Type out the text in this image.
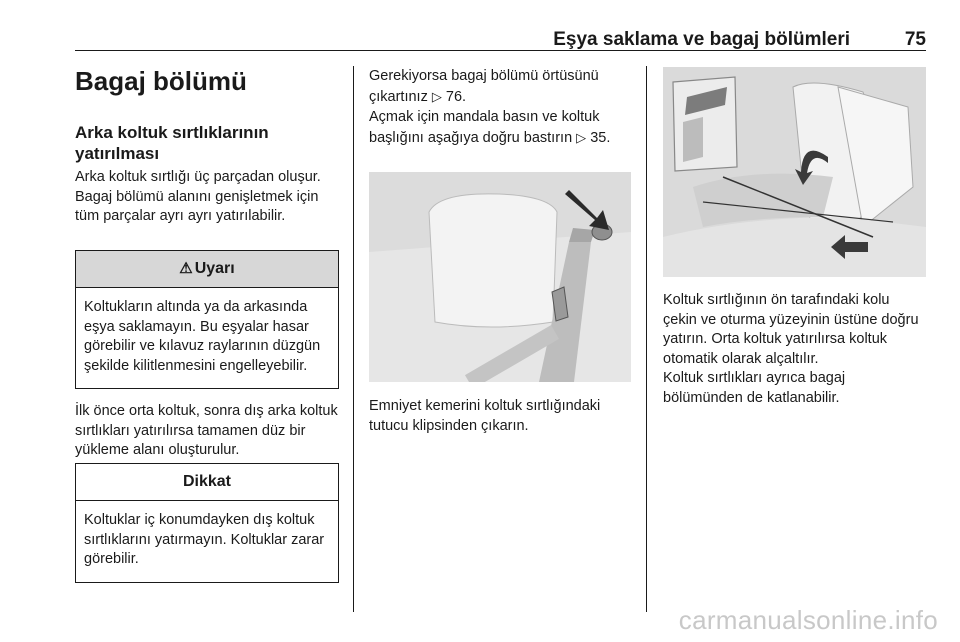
Eşya saklama ve bagaj bölümleri	75
Bagaj bölümü
Arka koltuk sırtlıklarının yatırılması

Arka koltuk sırtlığı üç parçadan oluşur. Bagaj bölümü alanını genişletmek için tüm parçalar ayrı ayrı yatırılabilir.

⚠ Uyarı
Koltukların altında ya da arkasında eşya saklamayın. Bu eşyalar hasar görebilir ve kılavuz raylarının düzgün şekilde kilitlenmesini engelleyebilir.

İlk önce orta koltuk, sonra dış arka koltuk sırtlıkları yatırılırsa tamamen düz bir yükleme alanı oluşturulur.

Dikkat
Koltuklar iç konumdayken dış koltuk sırtlıklarını yatırmayın. Koltuklar zarar görebilir.

Gerekiyorsa bagaj bölümü örtüsünü çıkartınız ▷ 76.

Açmak için mandala basın ve koltuk başlığını aşağıya doğru bastırın ▷ 35.

Emniyet kemerini koltuk sırtlığındaki tutucu klipsinden çıkarın.

Koltuk sırtlığının ön tarafındaki kolu çekin ve oturma yüzeyinin üstüne doğru yatırın. Orta koltuk yatırılırsa koltuk otomatik olarak alçaltılır.

Koltuk sırtlıkları ayrıca bagaj bölümünden de katlanabilir.

carmanualsonline.info
